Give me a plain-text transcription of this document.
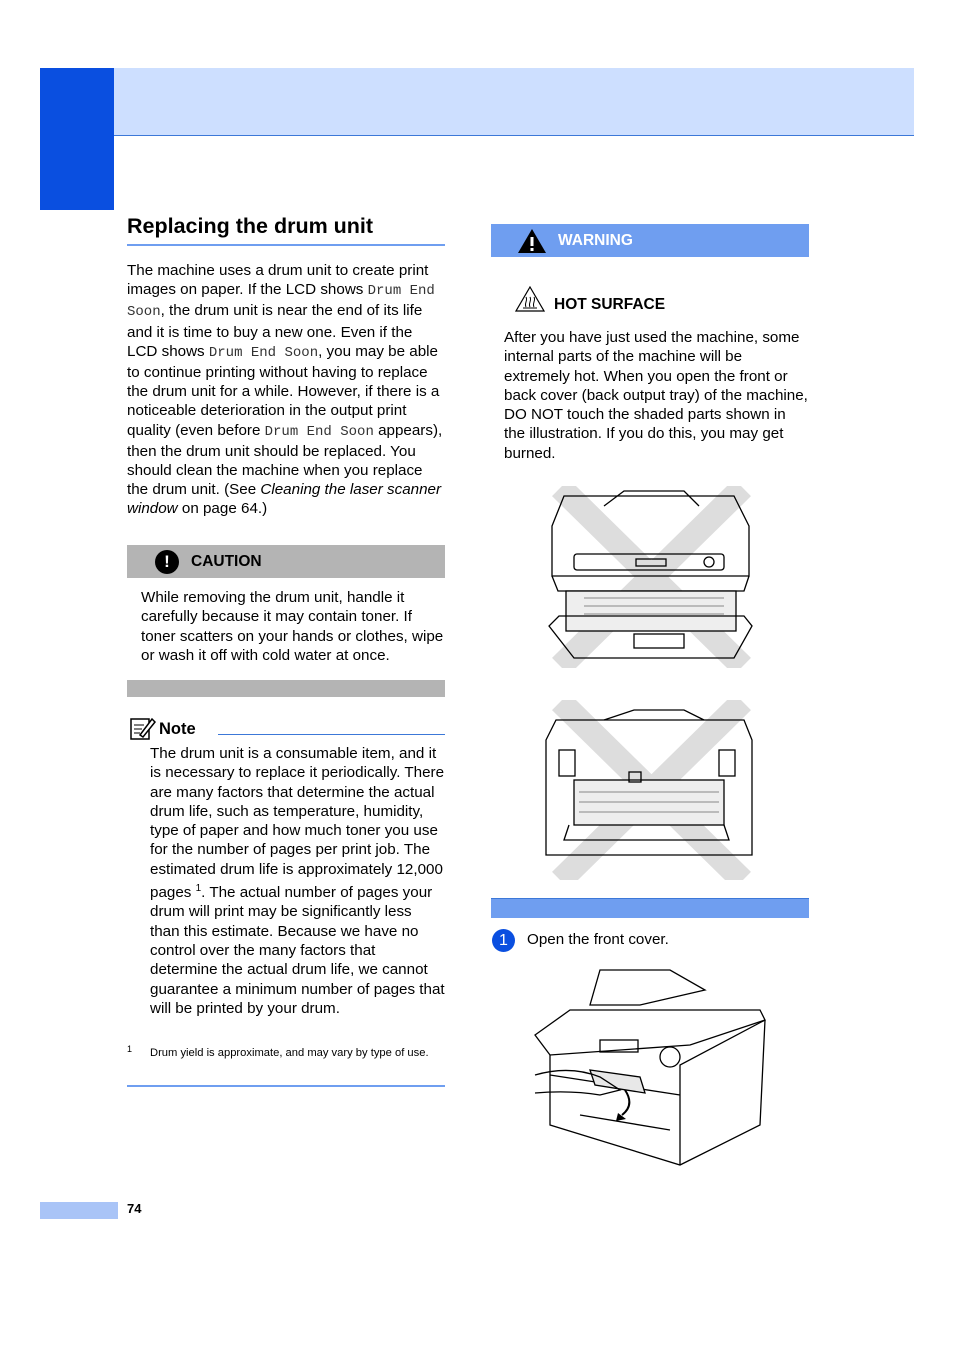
Replacing the drum unit

The machine uses a drum unit to create print images on paper. If the LCD shows Drum End Soon, the drum unit is near the end of its life and it is time to buy a new one. Even if the LCD shows Drum End Soon, you may be able to continue printing without having to replace the drum unit for a while. However, if there is a noticeable deterioration in the output print quality (even before Drum End Soon appears), then the drum unit should be replaced. You should clean the machine when you replace the drum unit. (See Cleaning the laser scanner window on page 64.)

!	CAUTION

While removing the drum unit, handle it carefully because it may contain toner. If toner scatters on your hands or clothes, wipe or wash it off with cold water at once.

Note

The drum unit is a consumable item, and it is necessary to replace it periodically. There are many factors that determine the actual drum life, such as temperature, humidity, type of paper and how much toner you use for the number of pages per print job. The estimated drum life is approximately 12,000 pages $^1$. The actual number of pages your drum will print may be significantly less than this estimate. Because we have no control over the many factors that determine the actual drum life, we cannot guarantee a minimum number of pages that will be printed by your drum.

1 Drum yield is approximate, and may vary by type of use.
WARNING
HOT SURFACE

After you have just used the machine, some internal parts of the machine will be extremely hot. When you open the front or back cover (back output tray) of the machine, DO NOT touch the shaded parts shown in the illustration. If you do this, you may get burned.

1	Open the front cover.
74
